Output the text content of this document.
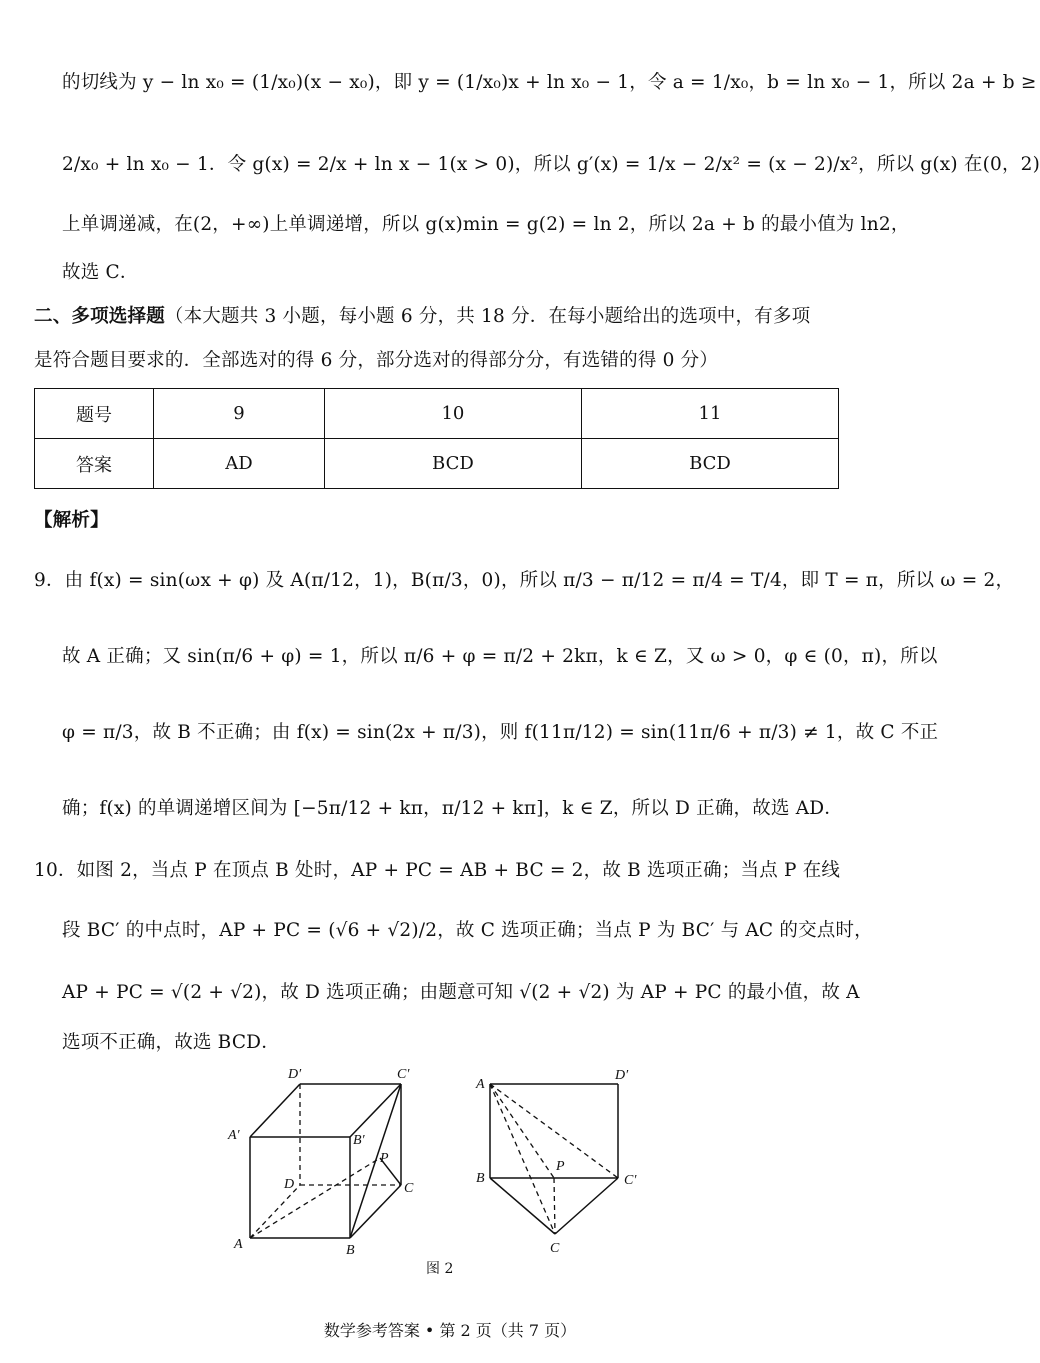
的切线为 y − ln x₀ = (1/x₀)(x − x₀)，即 y = (1/x₀)x + ln x₀ − 1，令 a = 1/x₀，b = ln x₀ − 1，所以 2a + b ≥
2/x₀ + ln x₀ − 1．令 g(x) = 2/x + ln x − 1(x > 0)，所以 g′(x) = 1/x − 2/x² = (x − 2)/x²，所以 g(x) 在(0，2)
上单调递减，在(2，+∞)上单调递增，所以 g(x)min = g(2) = ln 2，所以 2a + b 的最小值为 ln2，
故选 C．
二、多项选择题（本大题共 3 小题，每小题 6 分，共 18 分．在每小题给出的选项中，有多项
是符合题目要求的．全部选对的得 6 分，部分选对的得部分分，有选错的得 0 分）
题号	9	10	11
答案	AD	BCD	BCD
【解析】
9．由 f(x) = sin(ωx + φ) 及 A(π/12，1)，B(π/3，0)，所以 π/3 − π/12 = π/4 = T/4，即 T = π，所以 ω = 2，
故 A 正确；又 sin(π/6 + φ) = 1，所以 π/6 + φ = π/2 + 2kπ，k ∈ Z，又 ω > 0，φ ∈ (0，π)，所以
φ = π/3，故 B 不正确；由 f(x) = sin(2x + π/3)，则 f(11π/12) = sin(11π/6 + π/3) ≠ 1，故 C 不正
确；f(x) 的单调递增区间为 [−5π/12 + kπ，π/12 + kπ]，k ∈ Z，所以 D 正确，故选 AD．
10．如图 2，当点 P 在顶点 B 处时，AP + PC = AB + BC = 2，故 B 选项正确；当点 P 在线
段 BC′ 的中点时，AP + PC = (√6 + √2)/2，故 C 选项正确；当点 P 为 BC′ 与 AC 的交点时，
AP + PC = √(2 + √2)，故 D 选项正确；由题意可知 √(2 + √2) 为 AP + PC 的最小值，故 A
选项不正确，故选 BCD．
D′	C′
A′	B′
P
D	C
A	B
A
D′
P
B	C′
C
图 2
数学参考答案 • 第 2 页（共 7 页）
